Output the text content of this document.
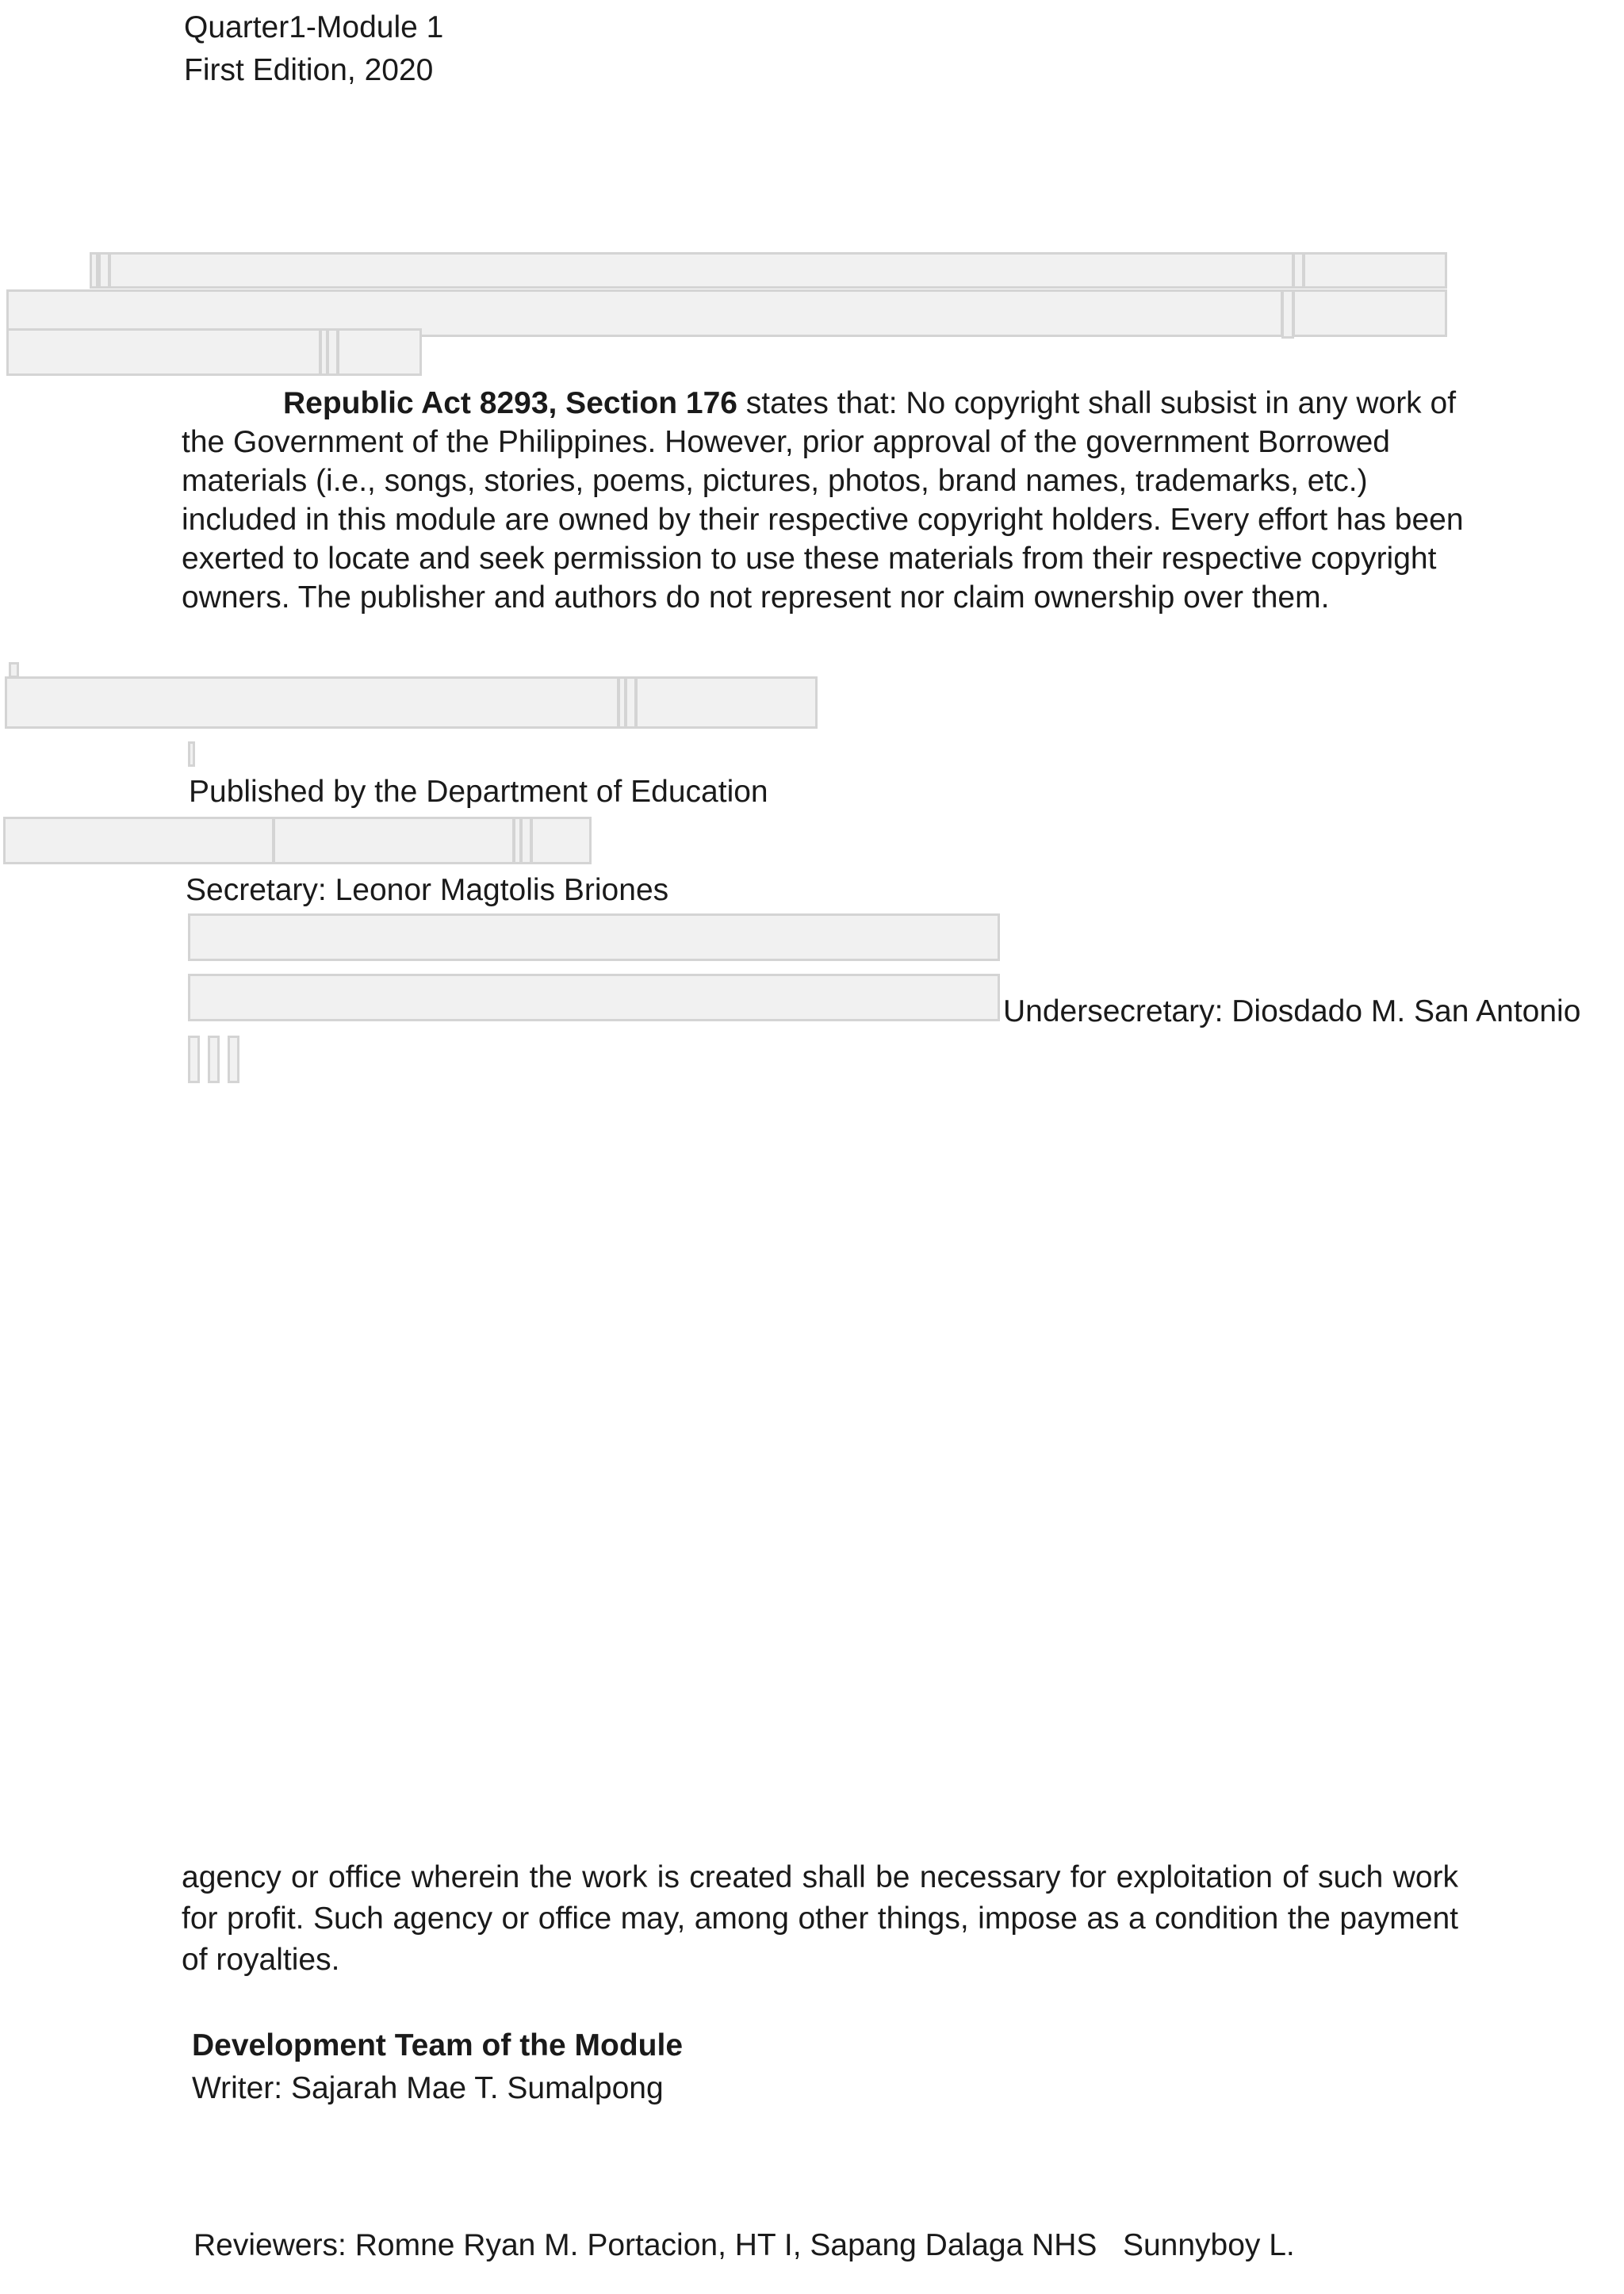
Quarter1-Module 1
First Edition, 2020
Republic Act 8293, Section 176 states that: No copyright shall subsist in any work of the Government of the Philippines. However, prior approval of the government Borrowed materials (i.e., songs, stories, poems, pictures, photos, brand names, trademarks, etc.) included in this module are owned by their respective copyright holders. Every effort has been exerted to locate and seek permission to use these materials from their respective copyright owners. The publisher and authors do not represent nor claim ownership over them.
Published by the Department of Education
Secretary: Leonor Magtolis Briones
Undersecretary: Diosdado M. San Antonio
agency or office wherein the work is created shall be necessary for exploitation of such work for profit. Such agency or office may, among other things, impose as a condition the payment of royalties.
Development Team of the Module
Writer: Sajarah Mae T. Sumalpong
Reviewers: Romne Ryan M. Portacion, HT I, Sapang Dalaga NHS   Sunnyboy L.
